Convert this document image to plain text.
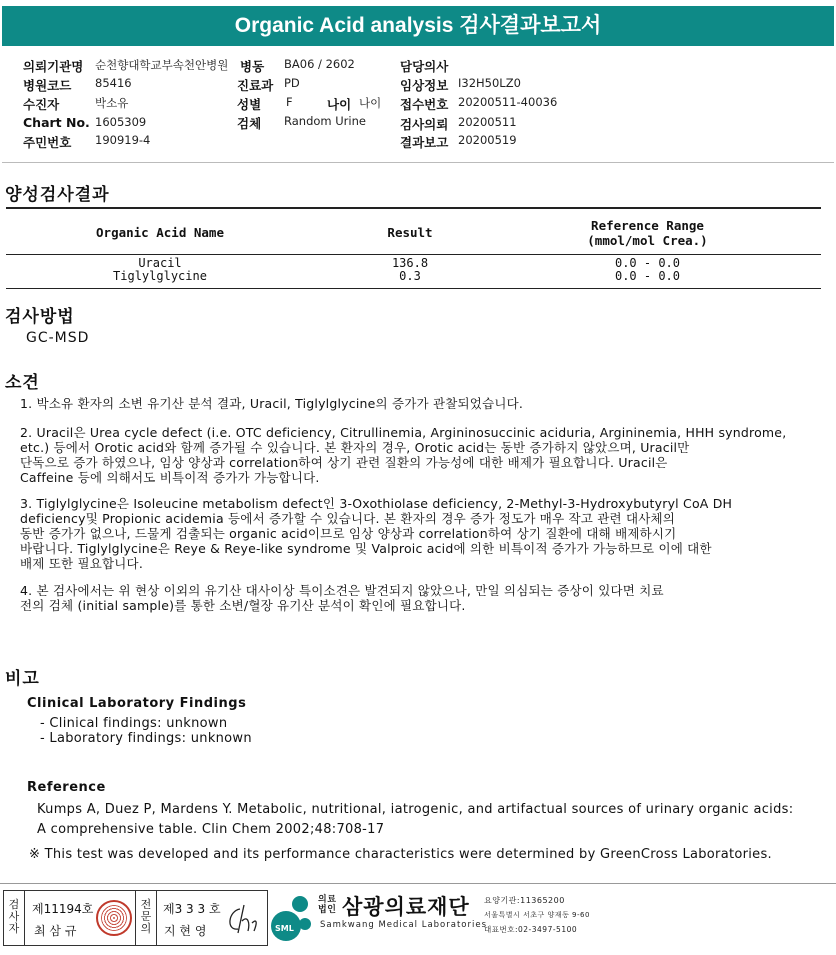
Organic Acid analysis 검사결과보고서
의뢰기관명 순천향대학교부속천안병원
병원코드 85416
수진자	박소유
Chart No. 1605309
주민번호 190919-4
병동 BA06 / 2602
진료과 PD
성별 F	나이 나이
검체 Random Urine
담당의사
임상정보 I32H50LZ0
접수번호 20200511-40036
검사의뢰 20200511
결과보고 20200519
양성검사결과
Organic Acid Name	Result	Reference Range
(mmol/mol Crea.)
Uracil	136.8	0.0 - 0.0
Tiglylglycine	0.3	0.0 - 0.0
검사방법
GC-MSD
소견
1. 박소유 환자의 소변 유기산 분석 결과, Uracil, Tiglylglycine의 증가가 관찰되었습니다.
2. Uracil은 Urea cycle defect (i.e. OTC deficiency, Citrullinemia, Argininosuccinic aciduria, Argininemia, HHH syndrome,
etc.) 등에서 Orotic acid와 함께 증가될 수 있습니다. 본 환자의 경우, Orotic acid는 동반 증가하지 않았으며, Uracil만
단독으로 증가 하였으나, 임상 양상과 correlation하여 상기 관련 질환의 가능성에 대한 배제가 필요합니다. Uracil은
Caffeine 등에 의해서도 비특이적 증가가 가능합니다.
3. Tiglylglycine은 Isoleucine metabolism defect인 3-Oxothiolase deficiency, 2-Methyl-3-Hydroxybutyryl CoA DH
deficiency및 Propionic acidemia 등에서 증가할 수 있습니다. 본 환자의 경우 증가 정도가 매우 작고 관련 대사체의
동반 증가가 없으나, 드물게 검출되는 organic acid이므로 임상 양상과 correlation하여 상기 질환에 대해 배제하시기
바랍니다. Tiglylglycine은 Reye & Reye-like syndrome 및 Valproic acid에 의한 비특이적 증가가 가능하므로 이에 대한
배제 또한 필요합니다.
4. 본 검사에서는 위 현상 이외의 유기산 대사이상 특이소견은 발견되지 않았으나, 만일 의심되는 증상이 있다면 치료
전의 검체 (initial sample)를 통한 소변/혈장 유기산 분석이 확인에 필요합니다.
비고
Clinical Laboratory Findings
- Clinical findings: unknown
- Laboratory findings: unknown
Reference
Kumps A, Duez P, Mardens Y. Metabolic, nutritional, iatrogenic, and artifactual sources of urinary organic acids:
A comprehensive table. Clin Chem 2002;48:708-17
※ This test was developed and its performance characteristics were determined by GreenCross Laboratories.
검
사
자
제11194호
최 삼 규
전
문
의
제3 3 3 호
지 현 영	SML
의료
법인 삼광의료재단
Samkwang Medical Laboratories
요양기관:11365200
서울특별시 서초구 양재동 9-60
대표번호:02-3497-5100
